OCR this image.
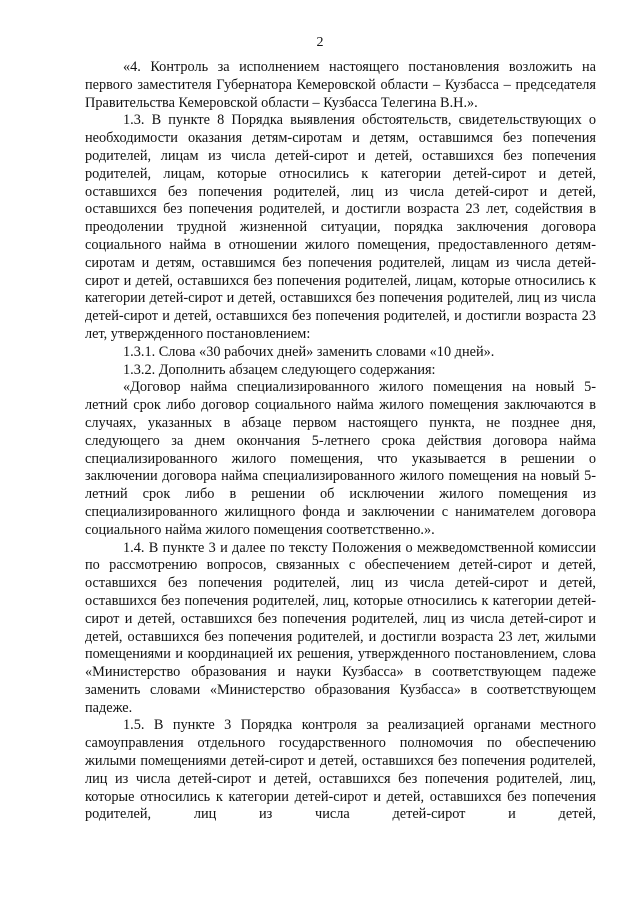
2

«4. Контроль за исполнением настоящего постановления возложить на первого заместителя Губернатора Кемеровской области – Кузбасса – председателя Правительства Кемеровской области – Кузбасса Телегина В.Н.».

1.3. В пункте 8 Порядка выявления обстоятельств, свидетельствующих о необходимости оказания детям-сиротам и детям, оставшимся без попечения родителей, лицам из числа детей-сирот и детей, оставшихся без попечения родителей, лицам, которые относились к категории детей-сирот и детей, оставшихся без попечения родителей, лиц из числа детей-сирот и детей, оставшихся без попечения родителей, и достигли возраста 23 лет, содействия в преодолении трудной жизненной ситуации, порядка заключения договора социального найма в отношении жилого помещения, предоставленного детям-сиротам и детям, оставшимся без попечения родителей, лицам из числа детей-сирот и детей, оставшихся без попечения родителей, лицам, которые относились к категории детей-сирот и детей, оставшихся без попечения родителей, лиц из числа детей-сирот и детей, оставшихся без попечения родителей, и достигли возраста 23 лет, утвержденного постановлением:

1.3.1. Слова «30 рабочих дней» заменить словами «10 дней».

1.3.2. Дополнить абзацем следующего содержания:

«Договор найма специализированного жилого помещения на новый 5-летний срок либо договор социального найма жилого помещения заключаются в случаях, указанных в абзаце первом настоящего пункта, не позднее дня, следующего за днем окончания 5-летнего срока действия договора найма специализированного жилого помещения, что указывается в решении о заключении договора найма специализированного жилого помещения на новый 5-летний срок либо в решении об исключении жилого помещения из специализированного жилищного фонда и заключении с нанимателем договора социального найма жилого помещения соответственно.».

1.4. В пункте 3 и далее по тексту Положения о межведомственной комиссии по рассмотрению вопросов, связанных с обеспечением детей-сирот и детей, оставшихся без попечения родителей, лиц из числа детей-сирот и детей, оставшихся без попечения родителей, лиц, которые относились к категории детей-сирот и детей, оставшихся без попечения родителей, лиц из числа детей-сирот и детей, оставшихся без попечения родителей, и достигли возраста 23 лет, жилыми помещениями и координацией их решения, утвержденного постановлением, слова «Министерство образования и науки Кузбасса» в соответствующем падеже заменить словами «Министерство образования Кузбасса» в соответствующем падеже.

1.5. В пункте 3 Порядка контроля за реализацией органами местного самоуправления отдельного государственного полномочия по обеспечению жилыми помещениями детей-сирот и детей, оставшихся без попечения родителей, лиц из числа детей-сирот и детей, оставшихся без попечения родителей, лиц, которые относились к категории детей-сирот и детей, оставшихся без попечения родителей, лиц из числа детей-сирот и детей,
